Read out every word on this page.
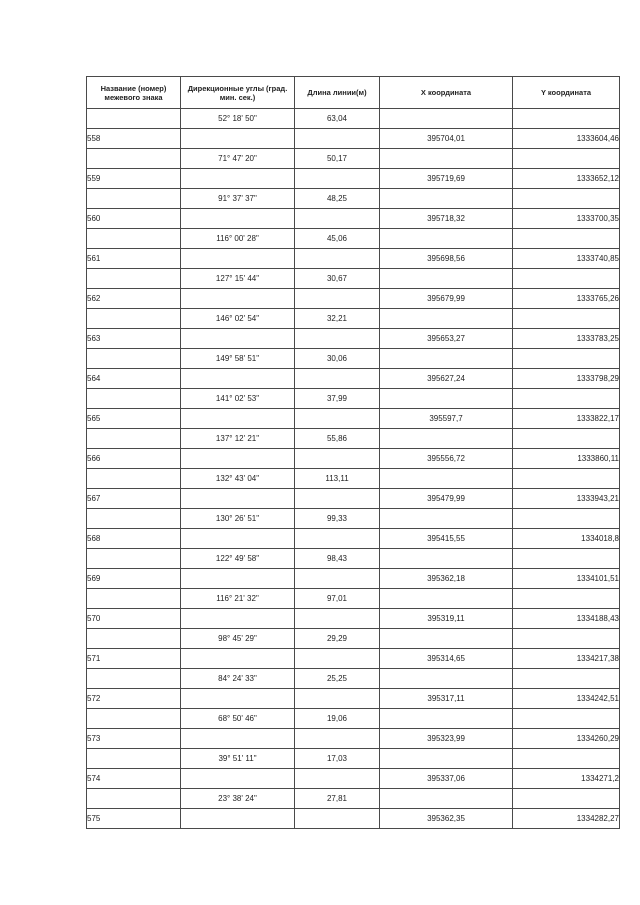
Название (номер) межевого знака	Дирекционные углы (град. мин. сек.)	Длина линии(м)	X координата	Y координата
	52° 18' 50"	63,04		
558			395704,01	1333604,46
	71° 47' 20"	50,17		
559			395719,69	1333652,12
	91° 37' 37"	48,25		
560			395718,32	1333700,35
	116° 00' 28"	45,06		
561			395698,56	1333740,85
	127° 15' 44"	30,67		
562			395679,99	1333765,26
	146° 02' 54"	32,21		
563			395653,27	1333783,25
	149° 58' 51"	30,06		
564			395627,24	1333798,29
	141° 02' 53"	37,99		
565			395597,7	1333822,17
	137° 12' 21"	55,86		
566			395556,72	1333860,11
	132° 43' 04"	113,11		
567			395479,99	1333943,21
	130° 26' 51"	99,33		
568			395415,55	1334018,8
	122° 49' 58"	98,43		
569			395362,18	1334101,51
	116° 21' 32"	97,01		
570			395319,11	1334188,43
	98° 45' 29"	29,29		
571			395314,65	1334217,38
	84° 24' 33"	25,25		
572			395317,11	1334242,51
	68° 50' 46"	19,06		
573			395323,99	1334260,29
	39° 51' 11"	17,03		
574			395337,06	1334271,2
	23° 38' 24"	27,81		
575			395362,35	1334282,27
